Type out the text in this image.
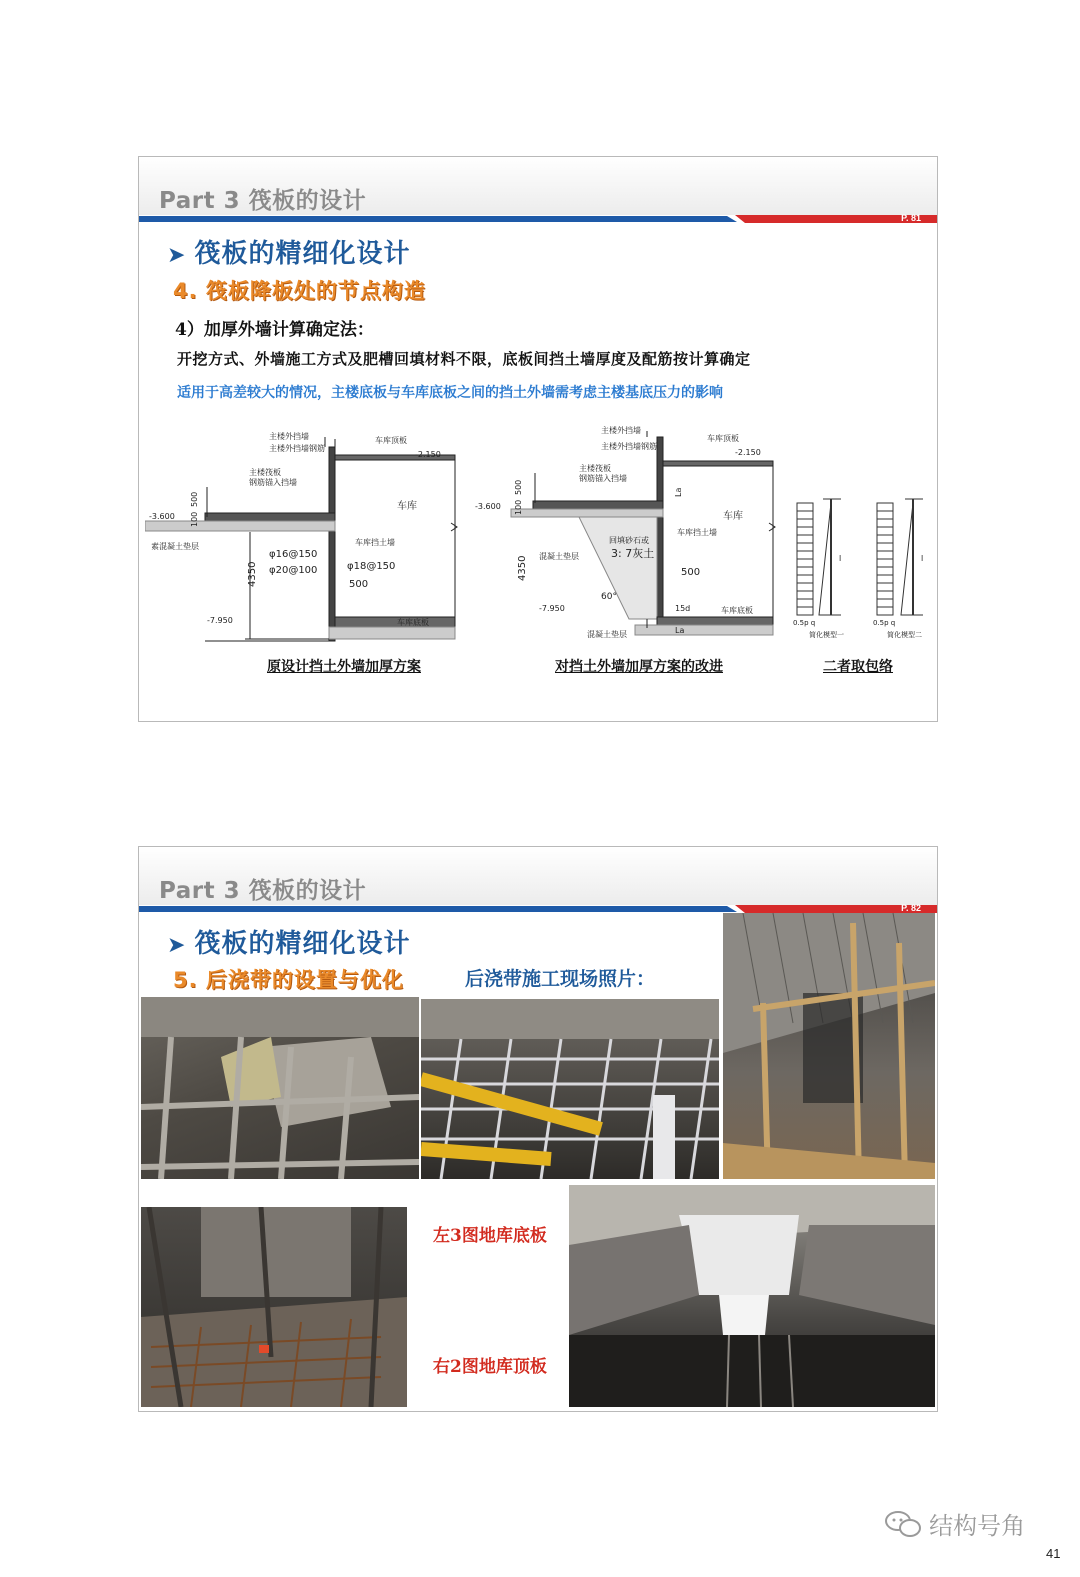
Part 3 筏板的设计
P. 81
➤ 筏板的精细化设计
4. 筏板降板处的节点构造
4）加厚外墙计算确定法：
开挖方式、外墙施工方式及肥槽回填材料不限，底板间挡土墙厚度及配筋按计算确定
适用于高差较大的情况，主楼底板与车库底板之间的挡土外墙需考虑主楼基底压力的影响
主楼外挡墙
主楼外挡墙钢筋
主楼筏板
钢筋锚入挡墙
车库顶板
-2.150
车库
-3.600
500
100
素混凝土垫层	车库挡土墙
φ16@150
φ20@100	φ18@150
4350	500
-7.950	车库底板
主楼外挡墙
主楼外挡墙钢筋
主楼筏板
钢筋锚入挡墙
车库顶板
-2.150
-3.600
La
车库
回填砂石或
3: 7灰土
车库挡土墙
混凝土垫层
500
100
4350	500
-7.950
60°
15d	车库底板
混凝土垫层	La
l	l
0.5p q	0.5p q
简化模型一	简化模型二
原设计挡土外墙加厚方案	对挡土外墙加厚方案的改进	二者取包络
Part 3 筏板的设计
P. 82
➤ 筏板的精细化设计
5. 后浇带的设置与优化	后浇带施工现场照片：
左3图地库底板
右2图地库顶板
结构号角
41
